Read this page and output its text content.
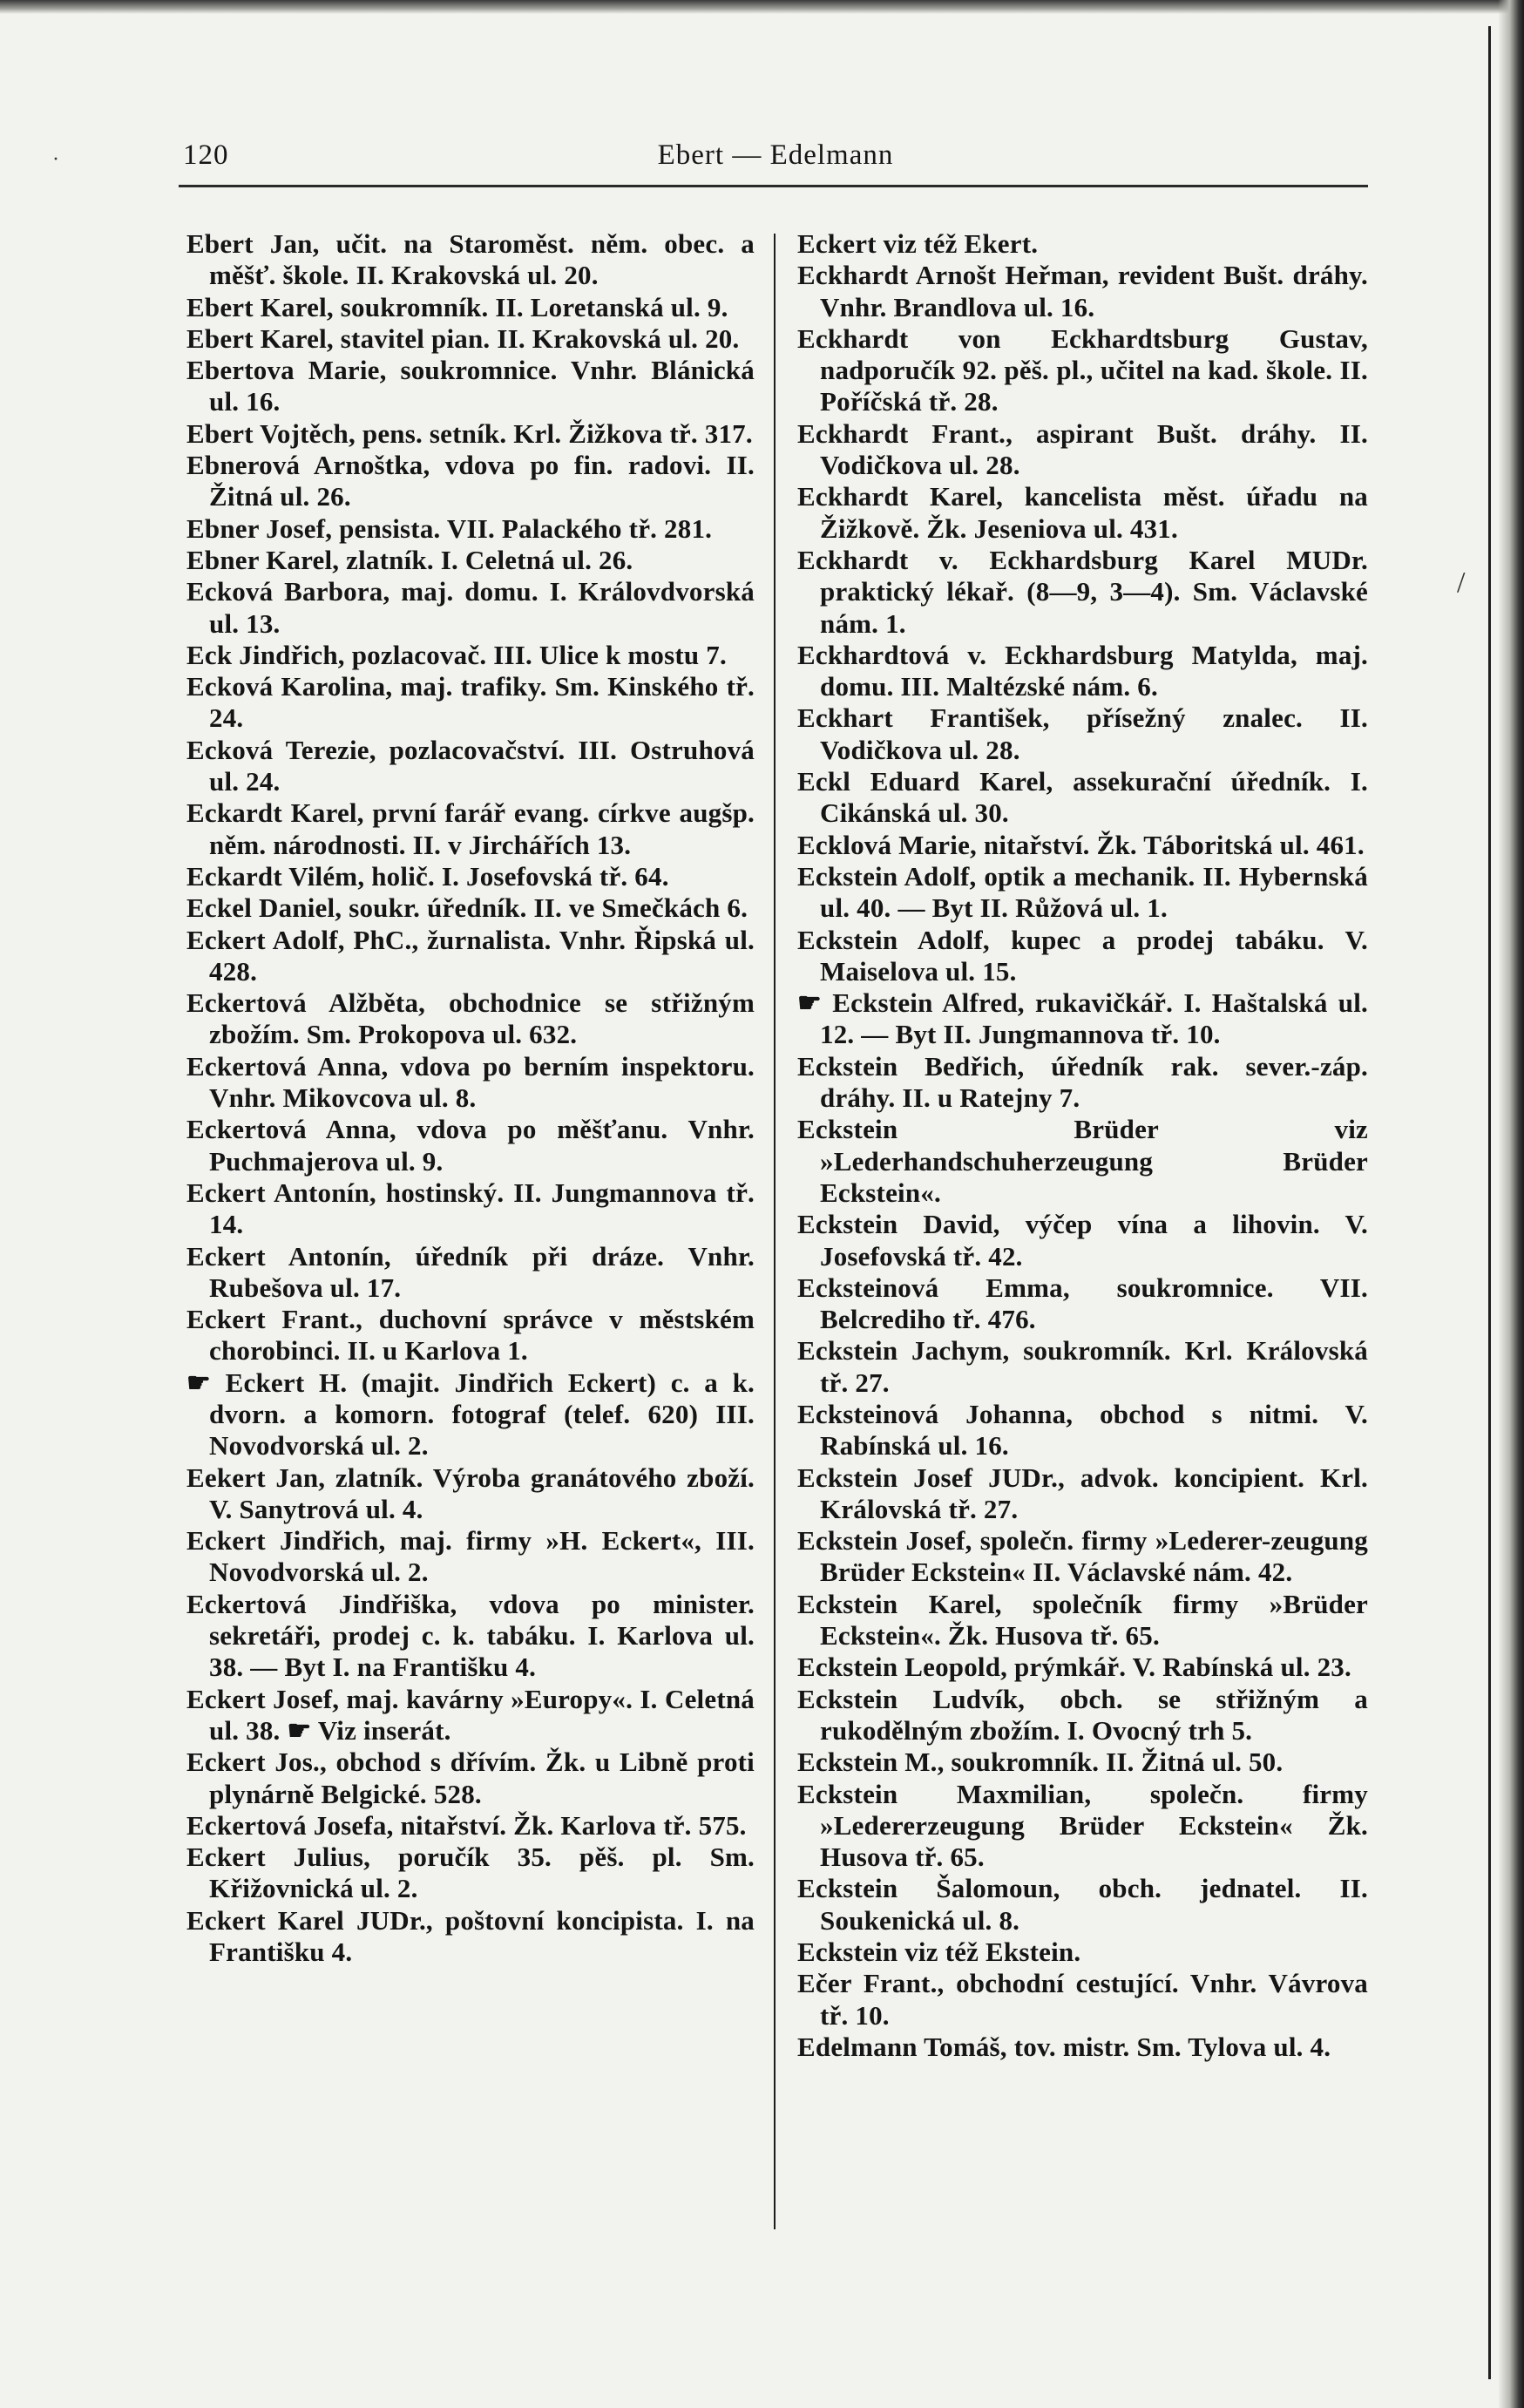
120	Ebert — Edelmann

Ebert Jan, učit. na Staroměst. něm. obec. a měšť. škole. II. Krakovská ul. 20.

Ebert Karel, soukromník. II. Loretanská ul. 9.

Ebert Karel, stavitel pian. II. Krakovská ul. 20.

Ebertova Marie, soukromnice. Vnhr. Blánická ul. 16.

Ebert Vojtěch, pens. setník. Krl. Žižkova tř. 317.

Ebnerová Arnoštka, vdova po fin. radovi. II. Žitná ul. 26.

Ebner Josef, pensista. VII. Palackého tř. 281.

Ebner Karel, zlatník. I. Celetná ul. 26.

Ecková Barbora, maj. domu. I. Královdvorská ul. 13.

Eck Jindřich, pozlacovač. III. Ulice k mostu 7.

Ecková Karolina, maj. trafiky. Sm. Kinského tř. 24.

Ecková Terezie, pozlacovačství. III. Ostruhová ul. 24.

Eckardt Karel, první farář evang. církve augšp. něm. národnosti. II. v Jirchářích 13.

Eckardt Vilém, holič. I. Josefovská tř. 64.

Eckel Daniel, soukr. úředník. II. ve Smečkách 6.

Eckert Adolf, PhC., žurnalista. Vnhr. Řipská ul. 428.

Eckertová Alžběta, obchodnice se střižným zbožím. Sm. Prokopova ul. 632.

Eckertová Anna, vdova po berním inspektoru. Vnhr. Mikovcova ul. 8.

Eckertová Anna, vdova po měšťanu. Vnhr. Puchmajerova ul. 9.

Eckert Antonín, hostinský. II. Jungmannova tř. 14.

Eckert Antonín, úředník při dráze. Vnhr. Rubešova ul. 17.

Eckert Frant., duchovní správce v městském chorobinci. II. u Karlova 1.

☛ Eckert H. (majit. Jindřich Eckert) c. a k. dvorn. a komorn. fotograf (telef. 620) III. Novodvorská ul. 2.

Eekert Jan, zlatník. Výroba granátového zboží. V. Sanytrová ul. 4.

Eckert Jindřich, maj. firmy »H. Eckert«, III. Novodvorská ul. 2.

Eckertová Jindřiška, vdova po minister. sekretáři, prodej c. k. tabáku. I. Karlova ul. 38. — Byt I. na Františku 4.

Eckert Josef, maj. kavárny »Europy«. I. Celetná ul. 38. ☛ Viz inserát.

Eckert Jos., obchod s dřívím. Žk. u Libně proti plynárně Belgické. 528.

Eckertová Josefa, nitařství. Žk. Karlova tř. 575.

Eckert Julius, poručík 35. pěš. pl. Sm. Křižovnická ul. 2.

Eckert Karel JUDr., poštovní koncipista. I. na Františku 4.

Eckert viz též Ekert.

Eckhardt Arnošt Heřman, revident Bušt. dráhy. Vnhr. Brandlova ul. 16.

Eckhardt von Eckhardtsburg Gustav, nadporučík 92. pěš. pl., učitel na kad. škole. II. Poříčská tř. 28.

Eckhardt Frant., aspirant Bušt. dráhy. II. Vodičkova ul. 28.

Eckhardt Karel, kancelista měst. úřadu na Žižkově. Žk. Jeseniova ul. 431.

Eckhardt v. Eckhardsburg Karel MUDr. praktický lékař. (8—9, 3—4). Sm. Václavské nám. 1.

Eckhardtová v. Eckhardsburg Matylda, maj. domu. III. Maltézské nám. 6.

Eckhart František, přísežný znalec. II. Vodičkova ul. 28.

Eckl Eduard Karel, assekurační úředník. I. Cikánská ul. 30.

Ecklová Marie, nitařství. Žk. Táboritská ul. 461.

Eckstein Adolf, optik a mechanik. II. Hybernská ul. 40. — Byt II. Růžová ul. 1.

Eckstein Adolf, kupec a prodej tabáku. V. Maiselova ul. 15.

☛ Eckstein Alfred, rukavičkář. I. Haštalská ul. 12. — Byt II. Jungmannova tř. 10.

Eckstein Bedřich, úředník rak. sever.-záp. dráhy. II. u Ratejny 7.

Eckstein Brüder viz »Lederhandschuherzeugung Brüder Eckstein«.

Eckstein David, výčep vína a lihovin. V. Josefovská tř. 42.

Ecksteinová Emma, soukromnice. VII. Belcrediho tř. 476.

Eckstein Jachym, soukromník. Krl. Královská tř. 27.

Ecksteinová Johanna, obchod s nitmi. V. Rabínská ul. 16.

Eckstein Josef JUDr., advok. koncipient. Krl. Královská tř. 27.

Eckstein Josef, společn. firmy »Lederer-zeugung Brüder Eckstein« II. Václavské nám. 42.

Eckstein Karel, společník firmy »Brüder Eckstein«. Žk. Husova tř. 65.

Eckstein Leopold, prýmkář. V. Rabínská ul. 23.

Eckstein Ludvík, obch. se střižným a rukodělným zbožím. I. Ovocný trh 5.

Eckstein M., soukromník. II. Žitná ul. 50.

Eckstein Maxmilian, společn. firmy »Ledererzeugung Brüder Eckstein« Žk. Husova tř. 65.

Eckstein Šalomoun, obch. jednatel. II. Soukenická ul. 8.

Eckstein viz též Ekstein.

Ečer Frant., obchodní cestující. Vnhr. Vávrova tř. 10.

Edelmann Tomáš, tov. mistr. Sm. Tylova ul. 4.

·
/
